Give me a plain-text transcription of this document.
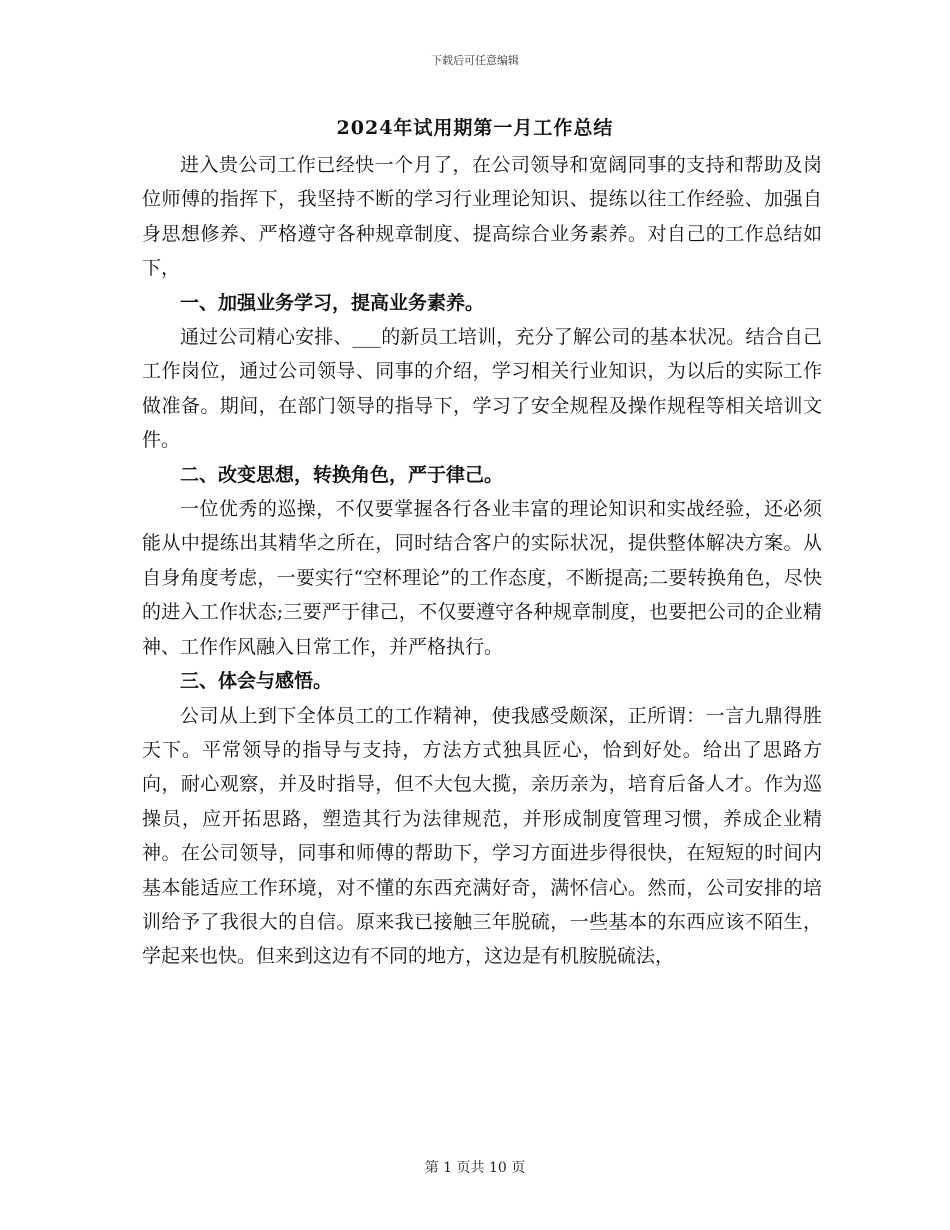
下载后可任意编辑
2024年试用期第一月工作总结

进入贵公司工作已经快一个月了，在公司领导和宽阔同事的支持和帮助及岗位师傅的指挥下，我坚持不断的学习行业理论知识、提练以往工作经验、加强自身思想修养、严格遵守各种规章制度、提高综合业务素养。对自己的工作总结如下，

一、加强业务学习，提高业务素养。

通过公司精心安排、___的新员工培训，充分了解公司的基本状况。结合自己工作岗位，通过公司领导、同事的介绍，学习相关行业知识，为以后的实际工作做准备。期间，在部门领导的指导下，学习了安全规程及操作规程等相关培训文件。

二、改变思想，转换角色，严于律己。

一位优秀的巡操，不仅要掌握各行各业丰富的理论知识和实战经验，还必须能从中提练出其精华之所在，同时结合客户的实际状况，提供整体解决方案。从自身角度考虑，一要实行“空杯理论”的工作态度，不断提高;二要转换角色，尽快的进入工作状态;三要严于律己，不仅要遵守各种规章制度，也要把公司的企业精神、工作作风融入日常工作，并严格执行。

三、体会与感悟。

公司从上到下全体员工的工作精神，使我感受颇深，正所谓：一言九鼎得胜天下。平常领导的指导与支持，方法方式独具匠心，恰到好处。给出了思路方向，耐心观察，并及时指导，但不大包大揽，亲历亲为，培育后备人才。作为巡操员，应开拓思路，塑造其行为法律规范，并形成制度管理习惯，养成企业精神。在公司领导，同事和师傅的帮助下，学习方面进步得很快，在短短的时间内基本能适应工作环境，对不懂的东西充满好奇，满怀信心。然而，公司安排的培训给予了我很大的自信。原来我已接触三年脱硫，一些基本的东西应该不陌生，学起来也快。但来到这边有不同的地方，这边是有机胺脱硫法，

第 1 页共 10 页
